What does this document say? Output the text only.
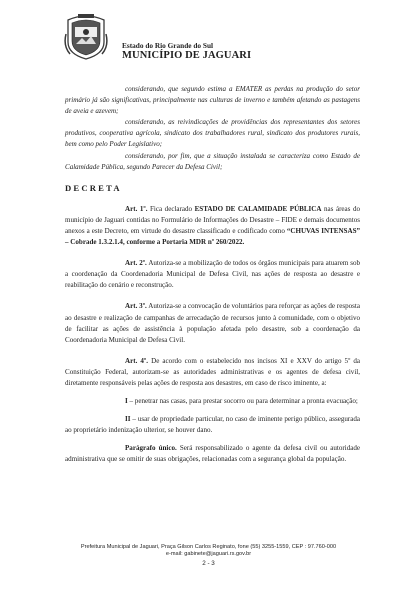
Estado do Rio Grande do Sul
MUNICÍPIO DE JAGUARI

considerando, que segundo estima a EMATER as perdas na produção do setor primário já são significativas, principalmente nas culturas de inverno e também afetando as pastagens de aveia e azevem;

considerando, as reivindicações de providências dos representantes dos setores produtivos, cooperativa agrícola, sindicato dos trabalhadores rural, sindicato dos produtores rurais, bem como pelo Poder Legislativo;

considerando, por fim, que a situação instalada se caracteriza como Estado de Calamidade Pública, segundo Parecer da Defesa Civil;

DECRETA

Art. 1º. Fica declarado ESTADO DE CALAMIDADE PÚBLICA nas áreas do município de Jaguari contidas no Formulário de Informações do Desastre – FIDE e demais documentos anexos a este Decreto, em virtude do desastre classificado e codificado como “CHUVAS INTENSAS” – Cobrade 1.3.2.1.4, conforme a Portaria MDR nº 260/2022.

Art. 2º. Autoriza-se a mobilização de todos os órgãos municipais para atuarem sob a coordenação da Coordenadoria Municipal de Defesa Civil, nas ações de resposta ao desastre e reabilitação do cenário e reconstrução.

Art. 3º. Autoriza-se a convocação de voluntários para reforçar as ações de resposta ao desastre e realização de campanhas de arrecadação de recursos junto à comunidade, com o objetivo de facilitar as ações de assistência à população afetada pelo desastre, sob a coordenação da Coordenadoria Municipal de Defesa Civil.

Art. 4º. De acordo com o estabelecido nos incisos XI e XXV do artigo 5º da Constituição Federal, autorizam-se as autoridades administrativas e os agentes de defesa civil, diretamente responsáveis pelas ações de resposta aos desastres, em caso de risco iminente, a:

I – penetrar nas casas, para prestar socorro ou para determinar a pronta evacuação;

II – usar de propriedade particular, no caso de iminente perigo público, assegurada ao proprietário indenização ulterior, se houver dano.

Parágrafo único. Será responsabilizado o agente da defesa civil ou autoridade administrativa que se omitir de suas obrigações, relacionadas com a segurança global da população.

Prefeitura Municipal de Jaguari, Praça Gilson Carlos Reginato, fone (55) 3255-1559, CEP : 97.760-000
e-mail: gabinete@jaguari.rs.gov.br
2 - 3
